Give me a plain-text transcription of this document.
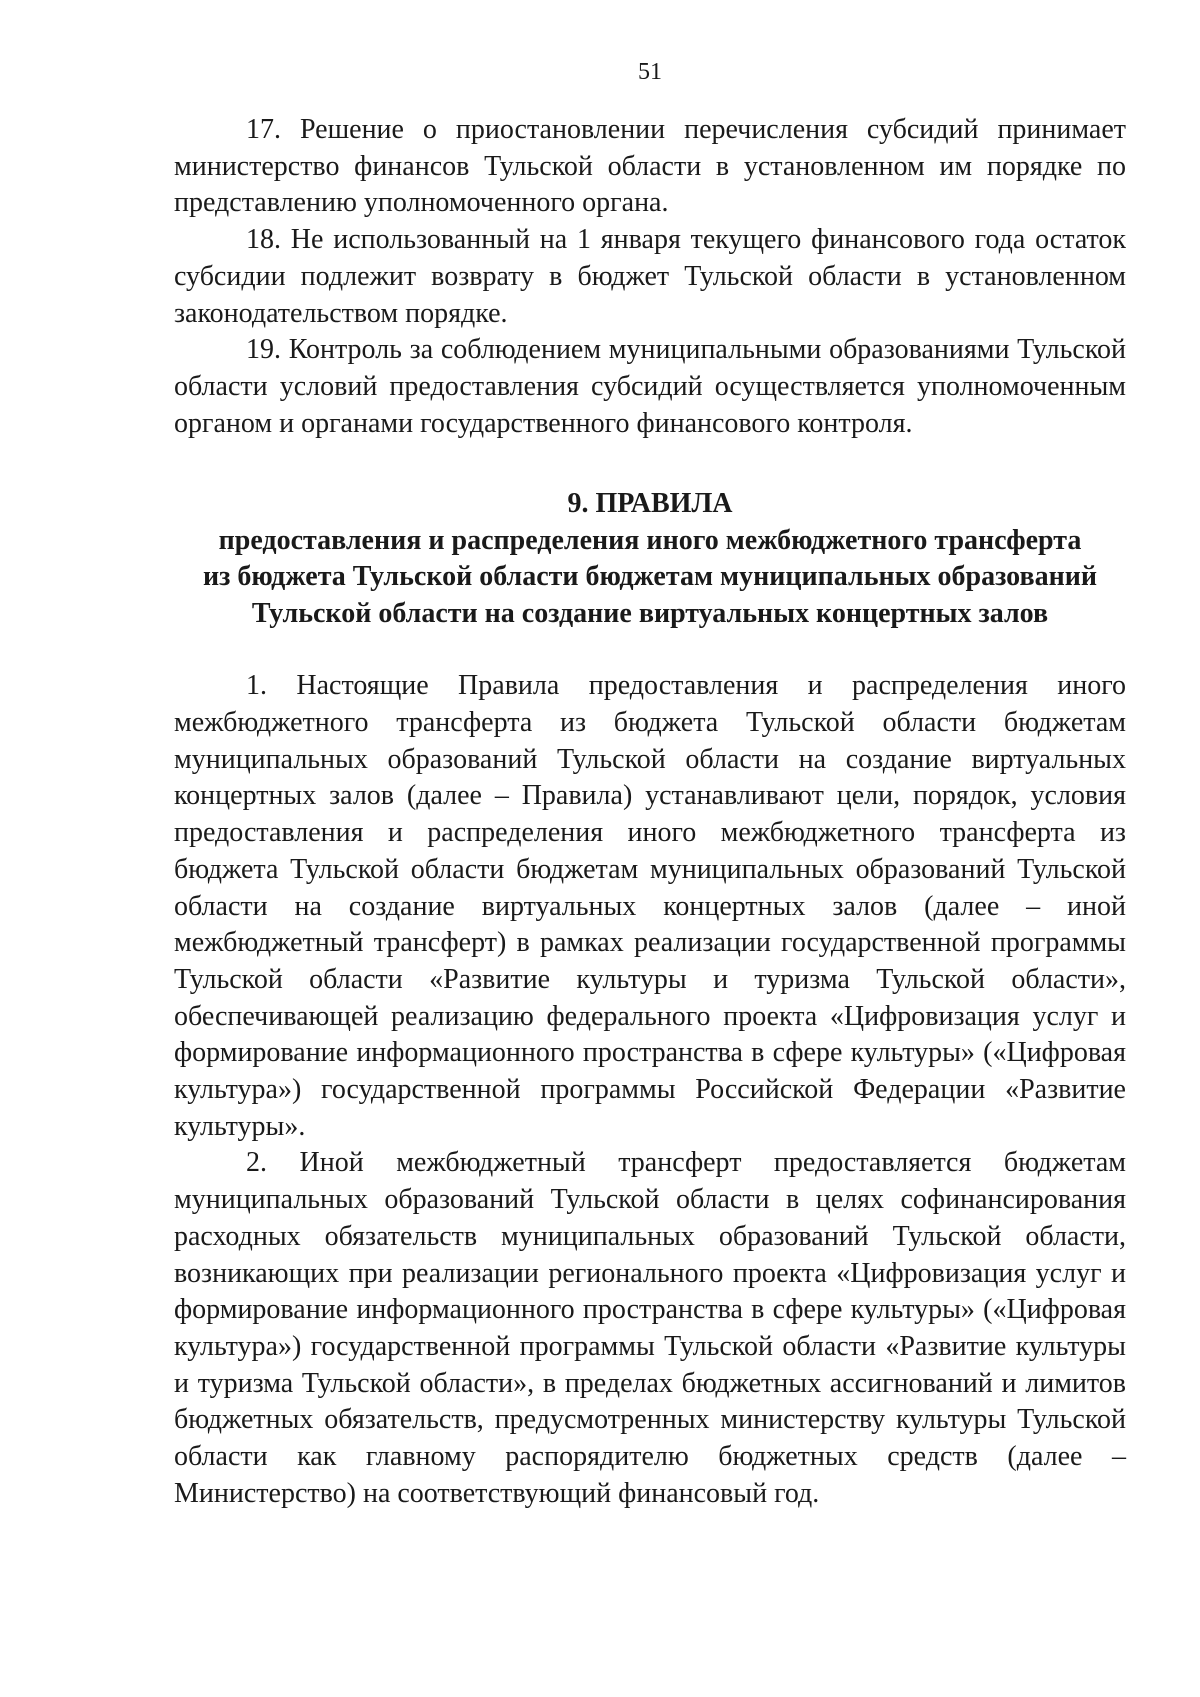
51

17. Решение о приостановлении перечисления субсидий принимает министерство финансов Тульской области в установленном им порядке по представлению уполномоченного органа.

18. Не использованный на 1 января текущего финансового года остаток субсидии подлежит возврату в бюджет Тульской области в установленном законодательством порядке.

19. Контроль за соблюдением муниципальными образованиями Тульской области условий предоставления субсидий осуществляется уполномоченным органом и органами государственного финансового контроля.

9. ПРАВИЛА
предоставления и распределения иного межбюджетного трансферта
из бюджета Тульской области бюджетам муниципальных образований
Тульской области на создание виртуальных концертных залов

1. Настоящие Правила предоставления и распределения иного межбюджетного трансферта из бюджета Тульской области бюджетам муниципальных образований Тульской области на создание виртуальных концертных залов (далее – Правила) устанавливают цели, порядок, условия предоставления и распределения иного межбюджетного трансферта из бюджета Тульской области бюджетам муниципальных образований Тульской области на создание виртуальных концертных залов (далее – иной межбюджетный трансферт) в рамках реализации государственной программы Тульской области «Развитие культуры и туризма Тульской области», обеспечивающей реализацию федерального проекта «Цифровизация услуг и формирование информационного пространства в сфере культуры» («Цифровая культура») государственной программы Российской Федерации «Развитие культуры».

2. Иной межбюджетный трансферт предоставляется бюджетам муниципальных образований Тульской области в целях софинансирования расходных обязательств муниципальных образований Тульской области, возникающих при реализации регионального проекта «Цифровизация услуг и формирование информационного пространства в сфере культуры» («Цифровая культура») государственной программы Тульской области «Развитие культуры и туризма Тульской области», в пределах бюджетных ассигнований и лимитов бюджетных обязательств, предусмотренных министерству культуры Тульской области как главному распорядителю бюджетных средств (далее – Министерство) на соответствующий финансовый год.
